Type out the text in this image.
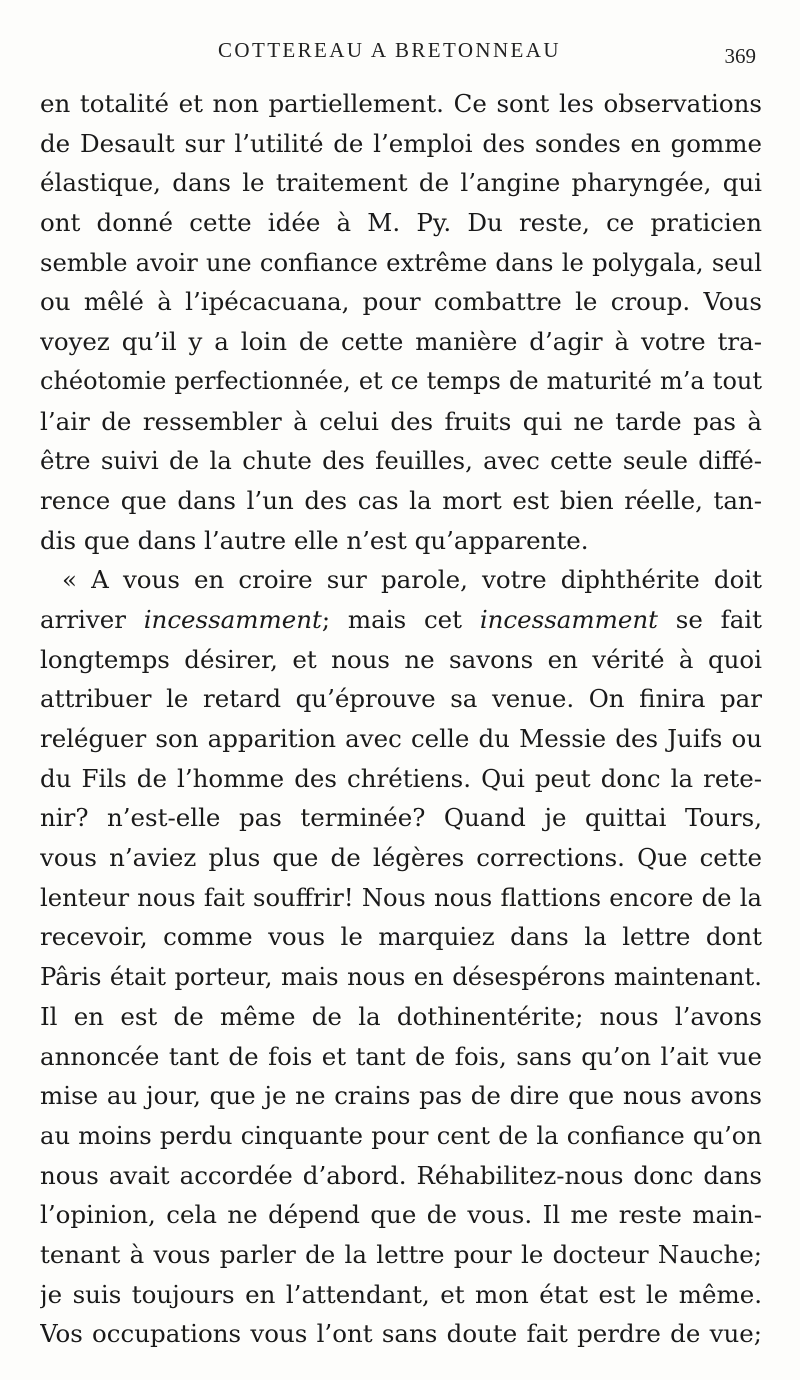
COTTEREAU A BRETONNEAU	369
en totalité et non partiellement. Ce sont les observations
de Desault sur l’utilité de l’emploi des sondes en gomme
élastique, dans le traitement de l’angine pharyngée, qui
ont donné cette idée à M. Py. Du reste, ce praticien
semble avoir une confiance extrême dans le polygala, seul
ou mêlé à l’ipécacuana, pour combattre le croup. Vous
voyez qu’il y a loin de cette manière d’agir à votre tra-
chéotomie perfectionnée, et ce temps de maturité m’a tout
l’air de ressembler à celui des fruits qui ne tarde pas à
être suivi de la chute des feuilles, avec cette seule diffé-
rence que dans l’un des cas la mort est bien réelle, tan-
dis que dans l’autre elle n’est qu’apparente.
« A vous en croire sur parole, votre diphthérite doit
arriver incessamment; mais cet incessamment se fait
longtemps désirer, et nous ne savons en vérité à quoi
attribuer le retard qu’éprouve sa venue. On finira par
reléguer son apparition avec celle du Messie des Juifs ou
du Fils de l’homme des chrétiens. Qui peut donc la rete-
nir? n’est-elle pas terminée? Quand je quittai Tours,
vous n’aviez plus que de légères corrections. Que cette
lenteur nous fait souffrir! Nous nous flattions encore de la
recevoir, comme vous le marquiez dans la lettre dont
Pâris était porteur, mais nous en désespérons maintenant.
Il en est de même de la dothinentérite; nous l’avons
annoncée tant de fois et tant de fois, sans qu’on l’ait vue
mise au jour, que je ne crains pas de dire que nous avons
au moins perdu cinquante pour cent de la confiance qu’on
nous avait accordée d’abord. Réhabilitez-nous donc dans
l’opinion, cela ne dépend que de vous. Il me reste main-
tenant à vous parler de la lettre pour le docteur Nauche;
je suis toujours en l’attendant, et mon état est le même.
Vos occupations vous l’ont sans doute fait perdre de vue;
